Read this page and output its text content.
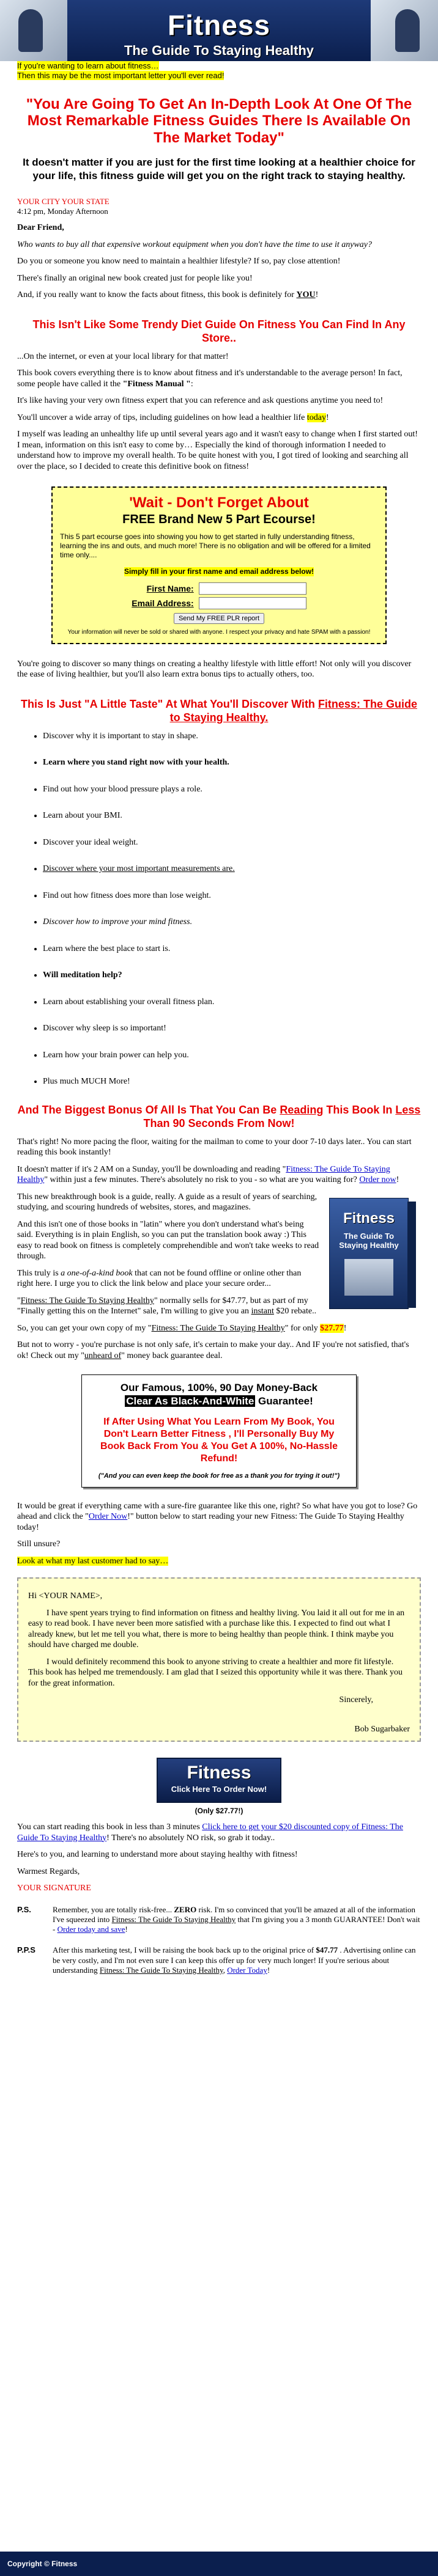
Fitness
The Guide To Staying Healthy

If you're wanting to learn about fitness…
Then this may be the most important letter you'll ever read!

"You Are Going To Get An In-Depth Look At One Of The Most Remarkable Fitness Guides There Is Available On The Market Today"
It doesn't matter if you are just for the first time looking at a healthier choice for your life, this fitness guide will get you on the right track to staying healthy.
YOUR CITY YOUR STATE
4:12 pm, Monday Afternoon

Dear Friend,

Who wants to buy all that expensive workout equipment when you don't have the time to use it anyway?

Do you or someone you know need to maintain a healthier lifestyle? If so, pay close attention!

There's finally an original new book created just for people like you!

And, if you really want to know the facts about fitness, this book is definitely for YOU!

This Isn't Like Some Trendy Diet Guide On Fitness You Can Find In Any Store..

...On the internet, or even at your local library for that matter!

This book covers everything there is to know about fitness and it's understandable to the average person! In fact, some people have called it the "Fitness Manual ":

It's like having your very own fitness expert that you can reference and ask questions anytime you need to!

You'll uncover a wide array of tips, including guidelines on how lead a healthier life today!

I myself was leading an unhealthy life up until several years ago and it wasn't easy to change when I first started out! I mean, information on this isn't easy to come by… Especially the kind of thorough information I needed to understand how to improve my overall health. To be quite honest with you, I got tired of looking and searching all over the place, so I decided to create this definitive book on fitness!

'Wait - Don't Forget About
FREE Brand New 5 Part Ecourse!
This 5 part ecourse goes into showing you how to get started in fully understanding fitness, learning the ins and outs, and much more! There is no obligation and will be offered for a limited time only....
Simply fill in your first name and email address below!
First Name:	
Email Address:	
Send My FREE PLR report
Your information will never be sold or shared with anyone. I respect your privacy and hate SPAM with a passion!

You're going to discover so many things on creating a healthy lifestyle with little effort! Not only will you discover the ease of living healthier, but you'll also learn extra bonus tips to actually others, too.

This Is Just "A Little Taste" At What You'll Discover With Fitness: The Guide to Staying Healthy.
• Discover why it is important to stay in shape.
• Learn where you stand right now with your health.
• Find out how your blood pressure plays a role.
• Learn about your BMI.
• Discover your ideal weight.
• Discover where your most important measurements are.
• Find out how fitness does more than lose weight.
• Discover how to improve your mind fitness.
• Learn where the best place to start is.
• Will meditation help?
• Learn about establishing your overall fitness plan.
• Discover why sleep is so important!
• Learn how your brain power can help you.
• Plus much MUCH More!
And The Biggest Bonus Of All Is That You Can Be Reading This Book In Less Than 90 Seconds From Now!

That's right! No more pacing the floor, waiting for the mailman to come to your door 7-10 days later.. You can start reading this book instantly!

It doesn't matter if it's 2 AM on a Sunday, you'll be downloading and reading "Fitness: The Guide To Staying Healthy" within just a few minutes. There's absolutely no risk to you - so what are you waiting for? Order now!

Fitness
The Guide To Staying Healthy

This new breakthrough book is a guide, really. A guide as a result of years of searching, studying, and scouring hundreds of websites, stores, and magazines.

And this isn't one of those books in "latin" where you don't understand what's being said. Everything is in plain English, so you can put the translation book away :) This easy to read book on fitness is completely comprehendible and won't take weeks to read through.

This truly is a one-of-a-kind book that can not be found offline or online other than right here. I urge you to click the link below and place your secure order...

"Fitness: The Guide To Staying Healthy" normally sells for $47.77, but as part of my "Finally getting this on the Internet" sale, I'm willing to give you an instant $20 rebate..

So, you can get your own copy of my "Fitness: The Guide To Staying Healthy" for only $27.77!

But not to worry - you're purchase is not only safe, it's certain to make your day.. And IF you're not satisfied, that's ok! Check out my "unheard of" money back guarantee deal.

Our Famous, 100%, 90 Day Money-Back
Clear As Black-And-White Guarantee!
If After Using What You Learn From My Book, You Don't Learn Better Fitness , I'll Personally Buy My Book Back From You & You Get A 100%, No-Hassle Refund!
("And you can even keep the book for free as a thank you for trying it out!")

It would be great if everything came with a sure-fire guarantee like this one, right? So what have you got to lose? Go ahead and click the "Order Now!" button below to start reading your new Fitness: The Guide To Staying Healthy today!

Still unsure?

Look at what my last customer had to say…

Hi <YOUR NAME>,

I have spent years trying to find information on fitness and healthy living. You laid it all out for me in an easy to read book. I have never been more satisfied with a purchase like this. I expected to find out what I already knew, but let me tell you what, there is more to being healthy than people think. I think maybe you should have charged me double.

I would definitely recommend this book to anyone striving to create a healthier and more fit lifestyle. This book has helped me tremendously. I am glad that I seized this opportunity while it was there. Thank you for the great information.

Sincerely,

Bob Sugarbaker
Fitness
Click Here To Order Now!
(Only $27.77!)

You can start reading this book in less than 3 minutes Click here to get your $20 discounted copy of Fitness: The Guide To Staying Healthy! There's no absolutely NO risk, so grab it today..

Here's to you, and learning to understand more about staying healthy with fitness!

Warmest Regards,

YOUR SIGNATURE

P.S.	Remember, you are totally risk-free... ZERO risk. I'm so convinced that you'll be amazed at all of the information I've squeezed into Fitness: The Guide To Staying Healthy that I'm giving you a 3 month GUARANTEE! Don't wait - Order today and save!
P.P.S	After this marketing test, I will be raising the book back up to the original price of $47.77 . Advertising online can be very costly, and I'm not even sure I can keep this offer up for very much longer! If you're serious about understanding Fitness: The Guide To Staying Healthy, Order Today!
Copyright © Fitness
